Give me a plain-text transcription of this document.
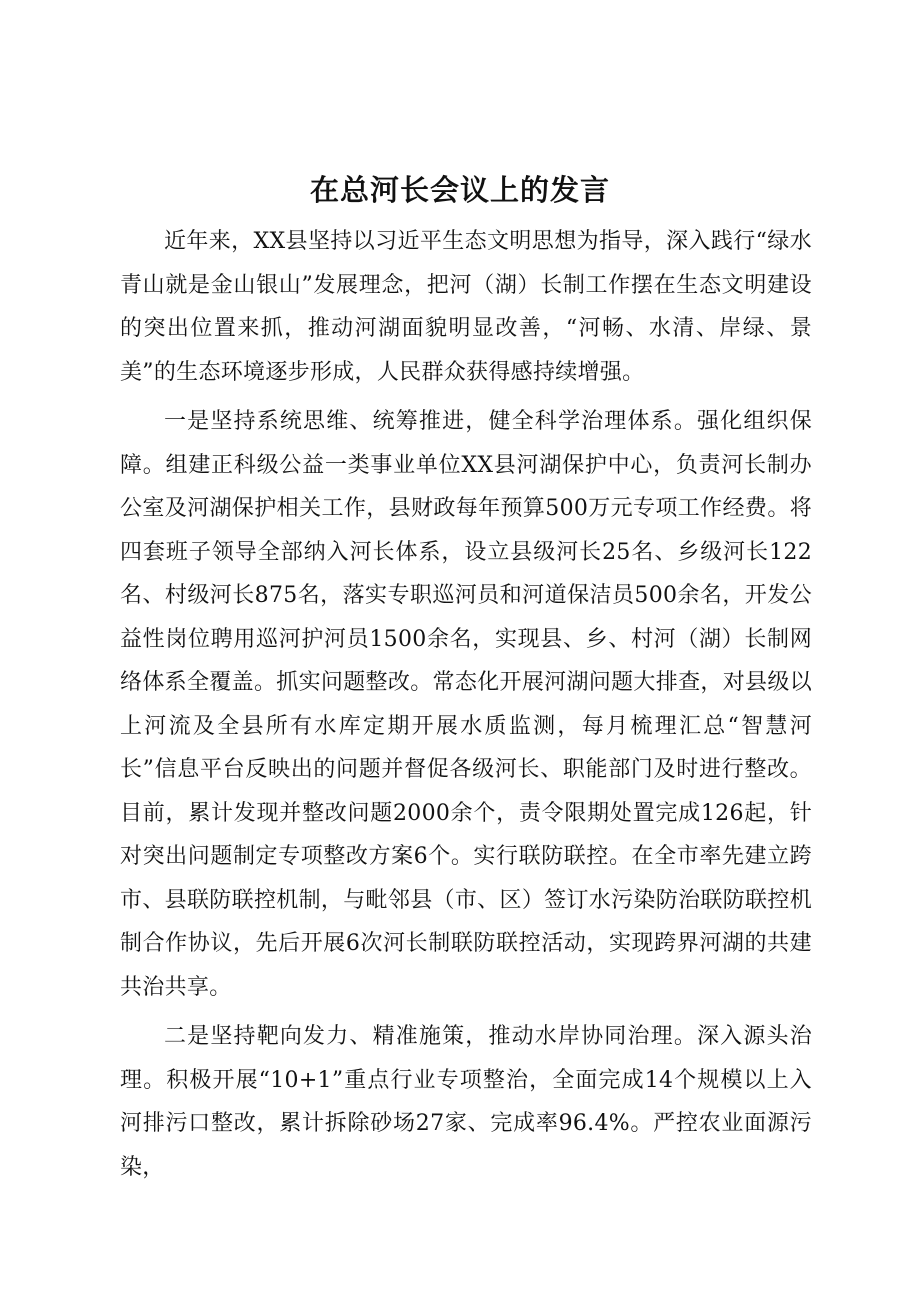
在总河长会议上的发言

近年来，XX县坚持以习近平生态文明思想为指导，深入践行“绿水青山就是金山银山”发展理念，把河（湖）长制工作摆在生态文明建设的突出位置来抓，推动河湖面貌明显改善，“河畅、水清、岸绿、景美”的生态环境逐步形成，人民群众获得感持续增强。

一是坚持系统思维、统筹推进，健全科学治理体系。强化组织保障。组建正科级公益一类事业单位XX县河湖保护中心，负责河长制办公室及河湖保护相关工作，县财政每年预算500万元专项工作经费。将四套班子领导全部纳入河长体系，设立县级河长25名、乡级河长122名、村级河长875名，落实专职巡河员和河道保洁员500余名，开发公益性岗位聘用巡河护河员1500余名，实现县、乡、村河（湖）长制网络体系全覆盖。抓实问题整改。常态化开展河湖问题大排查，对县级以上河流及全县所有水库定期开展水质监测，每月梳理汇总“智慧河长”信息平台反映出的问题并督促各级河长、职能部门及时进行整改。目前，累计发现并整改问题2000余个，责令限期处置完成126起，针对突出问题制定专项整改方案6个。实行联防联控。在全市率先建立跨市、县联防联控机制，与毗邻县（市、区）签订水污染防治联防联控机制合作协议，先后开展6次河长制联防联控活动，实现跨界河湖的共建共治共享。

二是坚持靶向发力、精准施策，推动水岸协同治理。深入源头治理。积极开展“10+1”重点行业专项整治，全面完成14个规模以上入河排污口整改，累计拆除砂场27家、完成率96.4%。严控农业面源污染，
